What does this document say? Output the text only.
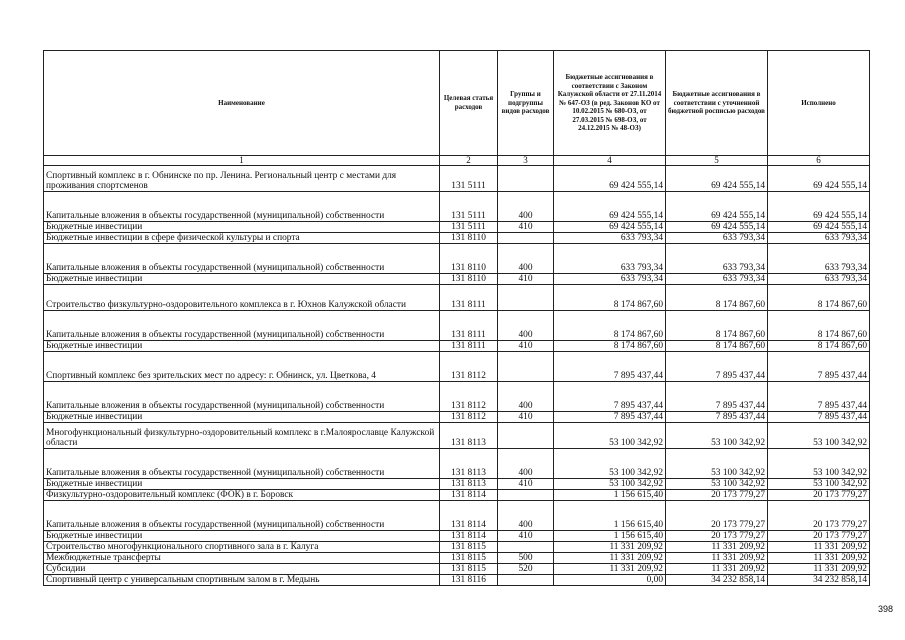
Наименование	Целевая статья расходов	Группы и подгруппы видов расходов	Бюджетные ассигнования в соответствии с Законом Калужской области от 27.11.2014 № 647-ОЗ (в ред. Законов КО от 10.02.2015 № 680-ОЗ, от 27.03.2015 № 698-ОЗ, от 24.12.2015 № 48-ОЗ)	Бюджетные ассигнования в соответствии с уточненной бюджетной росписью расходов	Исполнено
1	2	3	4	5	6
Спортивный комплекс в г. Обнинске по пр. Ленина. Региональный центр с местами для проживания спортсменов	131 5111		69 424 555,14	69 424 555,14	69 424 555,14
Капитальные вложения в объекты государственной (муниципальной) собственности	131 5111	400	69 424 555,14	69 424 555,14	69 424 555,14
Бюджетные инвестиции	131 5111	410	69 424 555,14	69 424 555,14	69 424 555,14
Бюджетные инвестиции в сфере физической культуры и спорта	131 8110		633 793,34	633 793,34	633 793,34
Капитальные вложения в объекты государственной (муниципальной) собственности	131 8110	400	633 793,34	633 793,34	633 793,34
Бюджетные инвестиции	131 8110	410	633 793,34	633 793,34	633 793,34
Строительство физкультурно-оздоровительного комплекса в г. Юхнов Калужской области	131 8111		8 174 867,60	8 174 867,60	8 174 867,60
Капитальные вложения в объекты государственной (муниципальной) собственности	131 8111	400	8 174 867,60	8 174 867,60	8 174 867,60
Бюджетные инвестиции	131 8111	410	8 174 867,60	8 174 867,60	8 174 867,60
Спортивный комплекс без зрительских мест по адресу: г. Обнинск, ул. Цветкова, 4	131 8112		7 895 437,44	7 895 437,44	7 895 437,44
Капитальные вложения в объекты государственной (муниципальной) собственности	131 8112	400	7 895 437,44	7 895 437,44	7 895 437,44
Бюджетные инвестиции	131 8112	410	7 895 437,44	7 895 437,44	7 895 437,44
Многофункциональный физкультурно-оздоровительный комплекс в г.Малоярославце Калужской области	131 8113		53 100 342,92	53 100 342,92	53 100 342,92
Капитальные вложения в объекты государственной (муниципальной) собственности	131 8113	400	53 100 342,92	53 100 342,92	53 100 342,92
Бюджетные инвестиции	131 8113	410	53 100 342,92	53 100 342,92	53 100 342,92
Физкультурно-оздоровительный комплекс (ФОК) в г. Боровск	131 8114		1 156 615,40	20 173 779,27	20 173 779,27
Капитальные вложения в объекты государственной (муниципальной) собственности	131 8114	400	1 156 615,40	20 173 779,27	20 173 779,27
Бюджетные инвестиции	131 8114	410	1 156 615,40	20 173 779,27	20 173 779,27
Строительство многофункционального спортивного зала в г. Калуга	131 8115		11 331 209,92	11 331 209,92	11 331 209,92
Межбюджетные трансферты	131 8115	500	11 331 209,92	11 331 209,92	11 331 209,92
Субсидии	131 8115	520	11 331 209,92	11 331 209,92	11 331 209,92
Спортивный центр с универсальным спортивным залом в г. Медынь	131 8116		0,00	34 232 858,14	34 232 858,14
398
